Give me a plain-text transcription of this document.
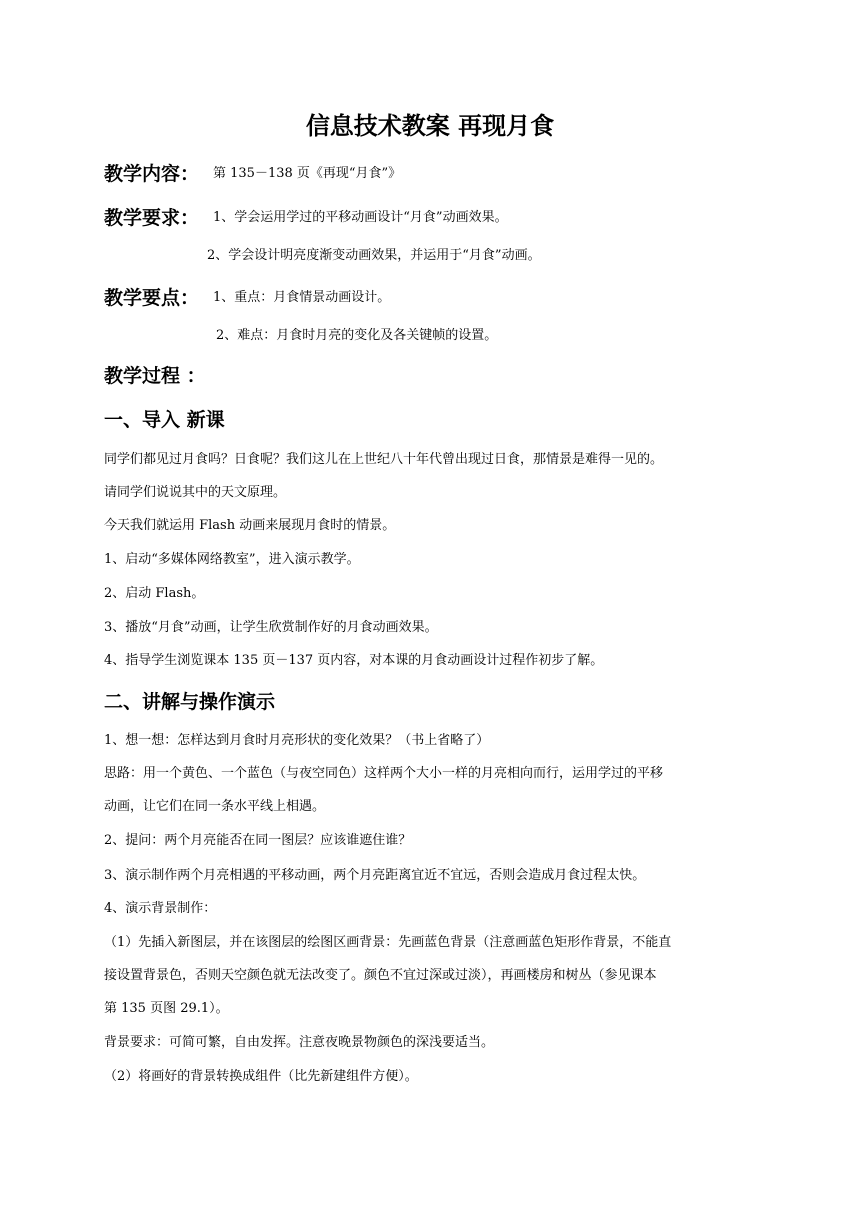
信息技术教案 再现月食
教学内容： 第 135－138 页《再现“月食”》
教学要求： 1、学会运用学过的平移动画设计“月食”动画效果。
2、学会设计明亮度渐变动画效果，并运用于“月食”动画。
教学要点： 1、重点：月食情景动画设计。
2、难点：月食时月亮的变化及各关键帧的设置。
教学过程 ：
一、导入 新课
同学们都见过月食吗？日食呢？我们这儿在上世纪八十年代曾出现过日食，那情景是难得一见的。
请同学们说说其中的天文原理。
今天我们就运用 Flash 动画来展现月食时的情景。
1、启动“多媒体网络教室”，进入演示教学。
2、启动 Flash。
3、播放“月食”动画，让学生欣赏制作好的月食动画效果。
4、指导学生浏览课本 135 页－137 页内容，对本课的月食动画设计过程作初步了解。
二、讲解与操作演示
1、想一想：怎样达到月食时月亮形状的变化效果？（书上省略了）
思路：用一个黄色、一个蓝色（与夜空同色）这样两个大小一样的月亮相向而行，运用学过的平移
动画，让它们在同一条水平线上相遇。
2、提问：两个月亮能否在同一图层？应该谁遮住谁？
3、演示制作两个月亮相遇的平移动画，两个月亮距离宜近不宜远，否则会造成月食过程太快。
4、演示背景制作：
（1）先插入新图层，并在该图层的绘图区画背景：先画蓝色背景（注意画蓝色矩形作背景，不能直
接设置背景色，否则天空颜色就无法改变了。颜色不宜过深或过淡），再画楼房和树丛（参见课本
第 135 页图 29.1）。
背景要求：可简可繁，自由发挥。注意夜晚景物颜色的深浅要适当。
（2）将画好的背景转换成组件（比先新建组件方便）。
